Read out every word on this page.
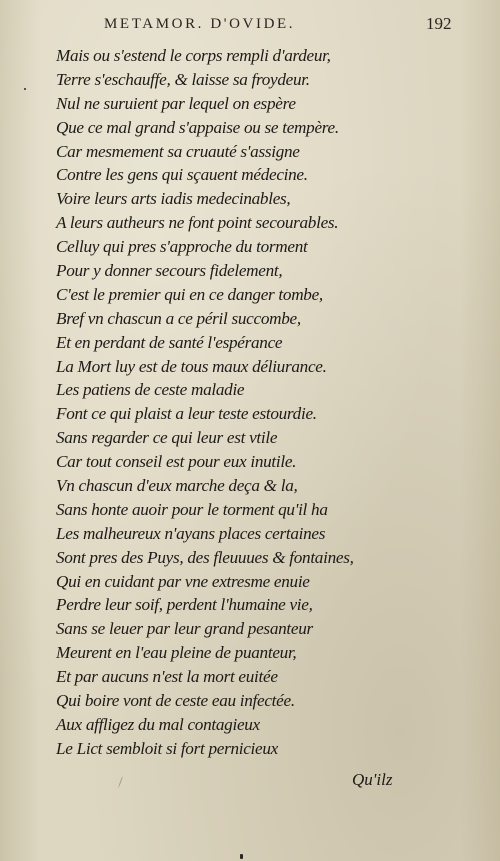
METAMOR. D'OVIDE.	192
Mais ou s'estend le corps rempli d'ardeur,
Terre s'eschauffe, & laisse sa froydeur.
Nul ne suruient par lequel on espère
Que ce mal grand s'appaise ou se tempère.
Car mesmement sa cruauté s'assigne
Contre les gens qui sçauent médecine.
Voire leurs arts iadis medecinables,
A leurs autheurs ne font point secourables.
Celluy qui pres s'approche du torment
Pour y donner secours fidelement,
C'est le premier qui en ce danger tombe,
Bref vn chascun a ce péril succombe,
Et en perdant de santé l'espérance
La Mort luy est de tous maux déliurance.
Les patiens de ceste maladie
Font ce qui plaist a leur teste estourdie.
Sans regarder ce qui leur est vtile
Car tout conseil est pour eux inutile.
Vn chascun d'eux marche deça & la,
Sans honte auoir pour le torment qu'il ha
Les malheureux n'ayans places certaines
Sont pres des Puys, des fleuuues & fontaines,
Qui en cuidant par vne extresme enuie
Perdre leur soif, perdent l'humaine vie,
Sans se leuer par leur grand pesanteur
Meurent en l'eau pleine de puanteur,
Et par aucuns n'est la mort euitée
Qui boire vont de ceste eau infectée.
Aux affligez du mal contagieux
Le Lict sembloit si fort pernicieux
Qu'ilz
